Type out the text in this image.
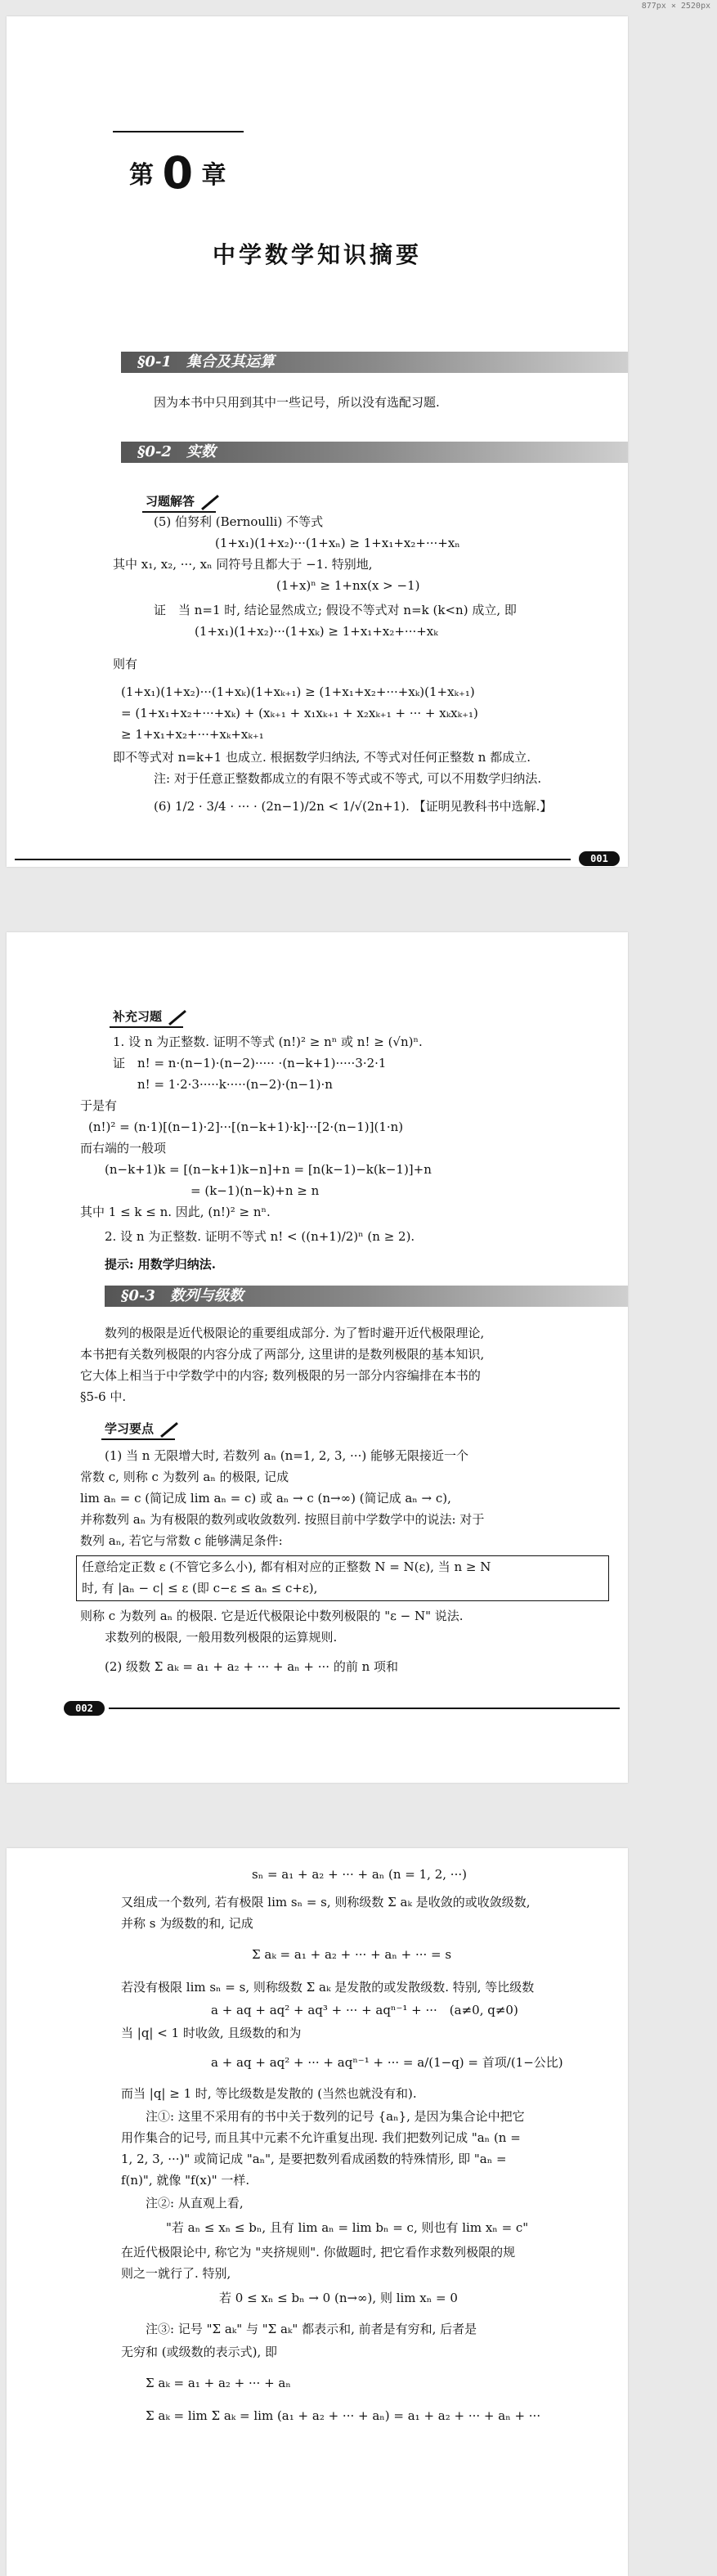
877px × 2520px
第 0 章
中学数学知识摘要
§0-1　集合及其运算
因为本书中只用到其中一些记号，所以没有选配习题.
§0-2　实数
习题解答
(5) 伯努利 (Bernoulli) 不等式
(1+x₁)(1+x₂)···(1+xₙ) ≥ 1+x₁+x₂+···+xₙ
其中 x₁, x₂, ···, xₙ 同符号且都大于 −1. 特别地,
(1+x)ⁿ ≥ 1+nx(x > −1)
证　当 n=1 时, 结论显然成立; 假设不等式对 n=k (k<n) 成立, 即
(1+x₁)(1+x₂)···(1+xₖ) ≥ 1+x₁+x₂+···+xₖ
则有
(1+x₁)(1+x₂)···(1+xₖ)(1+xₖ₊₁) ≥ (1+x₁+x₂+···+xₖ)(1+xₖ₊₁)
= (1+x₁+x₂+···+xₖ) + (xₖ₊₁ + x₁xₖ₊₁ + x₂xₖ₊₁ + ··· + xₖxₖ₊₁)
≥ 1+x₁+x₂+···+xₖ+xₖ₊₁
即不等式对 n=k+1 也成立. 根据数学归纳法, 不等式对任何正整数 n 都成立.
注: 对于任意正整数都成立的有限不等式或不等式, 可以不用数学归纳法.
(6) 1/2 · 3/4 · ··· · (2n−1)/2n < 1/√(2n+1). 【证明见教科书中选解.】
001
补充习题
1. 设 n 为正整数. 证明不等式 (n!)² ≥ nⁿ 或 n! ≥ (√n)ⁿ.
证　n! = n·(n−1)·(n−2)····· ·(n−k+1)·····3·2·1
n! = 1·2·3·····k·····(n−2)·(n−1)·n
于是有
(n!)² = (n·1)[(n−1)·2]···[(n−k+1)·k]···[2·(n−1)](1·n)
而右端的一般项
(n−k+1)k = [(n−k+1)k−n]+n = [n(k−1)−k(k−1)]+n
= (k−1)(n−k)+n ≥ n
其中 1 ≤ k ≤ n. 因此, (n!)² ≥ nⁿ.
2. 设 n 为正整数. 证明不等式 n! < ((n+1)/2)ⁿ (n ≥ 2).
提示: 用数学归纳法.
§0-3　数列与级数
数列的极限是近代极限论的重要组成部分. 为了暂时避开近代极限理论,
本书把有关数列极限的内容分成了两部分, 这里讲的是数列极限的基本知识,
它大体上相当于中学数学中的内容; 数列极限的另一部分内容编排在本书的
§5-6 中.
学习要点
(1) 当 n 无限增大时, 若数列 aₙ (n=1, 2, 3, ···) 能够无限接近一个
常数 c, 则称 c 为数列 aₙ 的极限, 记成
lim aₙ = c (简记成 lim aₙ = c) 或 aₙ → c (n→∞) (简记成 aₙ → c),
并称数列 aₙ 为有极限的数列或收敛数列. 按照目前中学数学中的说法: 对于
数列 aₙ, 若它与常数 c 能够满足条件:
任意给定正数 ε (不管它多么小), 都有相对应的正整数 N = N(ε), 当 n ≥ N
时, 有 |aₙ − c| ≤ ε (即 c−ε ≤ aₙ ≤ c+ε),
则称 c 为数列 aₙ 的极限. 它是近代极限论中数列极限的 "ε − N" 说法.
求数列的极限, 一般用数列极限的运算规则.
(2) 级数 Σ aₖ = a₁ + a₂ + ··· + aₙ + ··· 的前 n 项和
002
sₙ = a₁ + a₂ + ··· + aₙ (n = 1, 2, ···)
又组成一个数列, 若有极限 lim sₙ = s, 则称级数 Σ aₖ 是收敛的或收敛级数,
并称 s 为级数的和, 记成
Σ aₖ = a₁ + a₂ + ··· + aₙ + ··· = s
若没有极限 lim sₙ = s, 则称级数 Σ aₖ 是发散的或发散级数. 特别, 等比级数
a + aq + aq² + aq³ + ··· + aqⁿ⁻¹ + ···　(a≠0, q≠0)
当 |q| < 1 时收敛, 且级数的和为
a + aq + aq² + ··· + aqⁿ⁻¹ + ··· = a/(1−q) = 首项/(1−公比)
而当 |q| ≥ 1 时, 等比级数是发散的 (当然也就没有和).
注①: 这里不采用有的书中关于数列的记号 {aₙ}, 是因为集合论中把它
用作集合的记号, 而且其中元素不允许重复出现. 我们把数列记成 "aₙ (n =
1, 2, 3, ···)" 或简记成 "aₙ", 是要把数列看成函数的特殊情形, 即 "aₙ =
f(n)", 就像 "f(x)" 一样.
注②: 从直观上看,
"若 aₙ ≤ xₙ ≤ bₙ, 且有 lim aₙ = lim bₙ = c, 则也有 lim xₙ = c"
在近代极限论中, 称它为 "夹挤规则". 你做题时, 把它看作求数列极限的规
则之一就行了. 特别,
若 0 ≤ xₙ ≤ bₙ → 0 (n→∞), 则 lim xₙ = 0
注③: 记号 "Σ aₖ" 与 "Σ aₖ" 都表示和, 前者是有穷和, 后者是
无穷和 (或级数的表示式), 即
Σ aₖ = a₁ + a₂ + ··· + aₙ
Σ aₖ = lim Σ aₖ = lim (a₁ + a₂ + ··· + aₙ) = a₁ + a₂ + ··· + aₙ + ···
